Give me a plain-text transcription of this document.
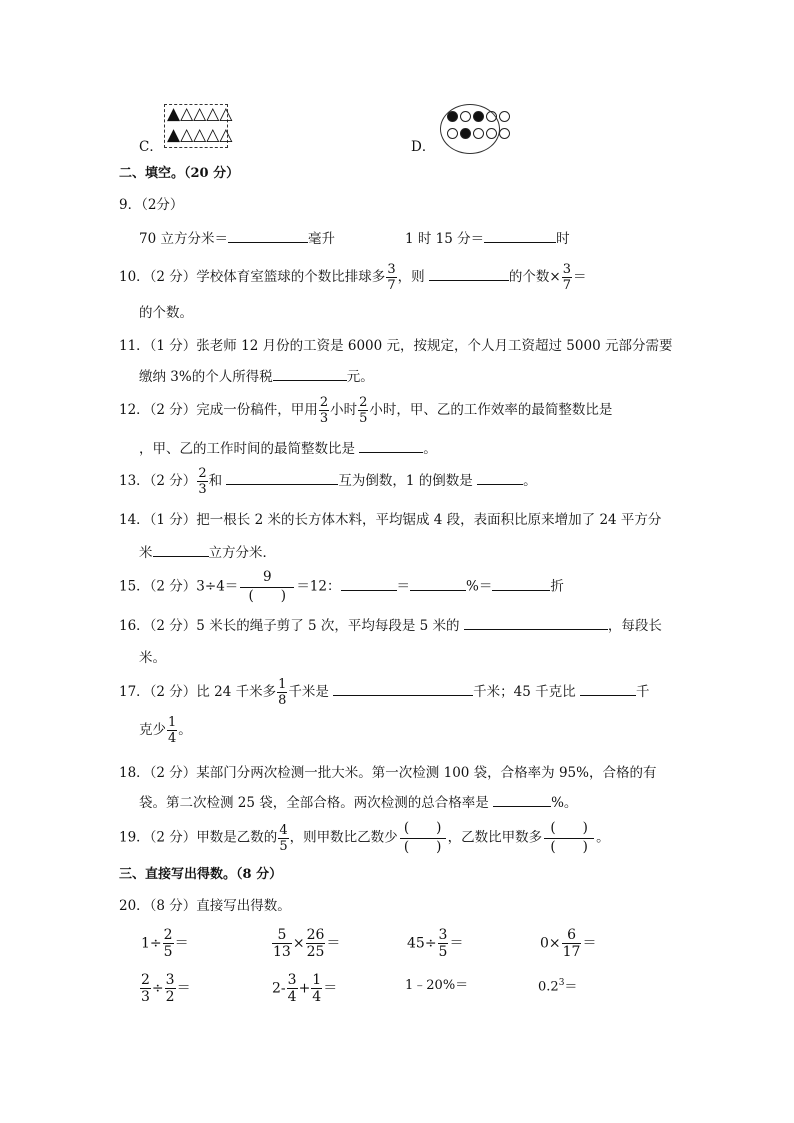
C．
▲△△△△
▲△△△△
D．
二、填空。（20 分）
9．（2分）
70 立方分米＝	毫升	1 时 15 分＝	时
10．（2 分）学校体育室篮球的个数比排球多 $\frac{3}{7}$ ，则	的个数× $\frac{3}{7}$ ＝
的个数。
11．（1 分）张老师 12 月份的工资是 6000 元，按规定，个人月工资超过 5000 元部分需要
缴纳 3%的个人所得税	元。
12．（2 分）完成一份稿件，甲用 $\frac{2}{3}$ 小时 $\frac{2}{5}$ 小时，甲、乙的工作效率的最简整数比是
，甲、乙的工作时间的最简整数比是	。
13．（2 分） $\frac{2}{3}$ 和	互为倒数，1 的倒数是	。
14．（1 分）把一根长 2 米的长方体木料，平均锯成 4 段，表面积比原来增加了 24 平方分
米	立方分米．
15．（2 分）3÷4＝
9
(　　)
＝12：	＝	%＝	折
16．（2 分）5 米长的绳子剪了 5 次，平均每段是 5 米的	，每段长
米。
17．（2 分）比 24 千米多 $\frac{1}{8}$ 千米是	千米；45 千克比	千
克少 $\frac{1}{4}$ 。
18．（2 分）某部门分两次检测一批大米。第一次检测 100 袋，合格率为 95%，合格的有
袋。第二次检测 25 袋，全部合格。两次检测的总合格率是	%。
19．（2 分）甲数是乙数的 $\frac{4}{5}$ ，则甲数比乙数少
(　　)
(　　)
，乙数比甲数多
(　　)
(　　)
。
三、直接写出得数。（8 分）
20．（8 分）直接写出得数。
$1\div \frac{2}{5}$ ＝	$\frac{5}{13} \times \frac{26}{25}$ ＝	$45\div \frac{3}{5}$ ＝	$0\times \frac{6}{17}$ ＝
$\frac{2}{3} \div \frac{3}{2}$ ＝	$2- \frac{3}{4} + \frac{1}{4}$ ＝	1﹣20%＝	$0.2^3=$
